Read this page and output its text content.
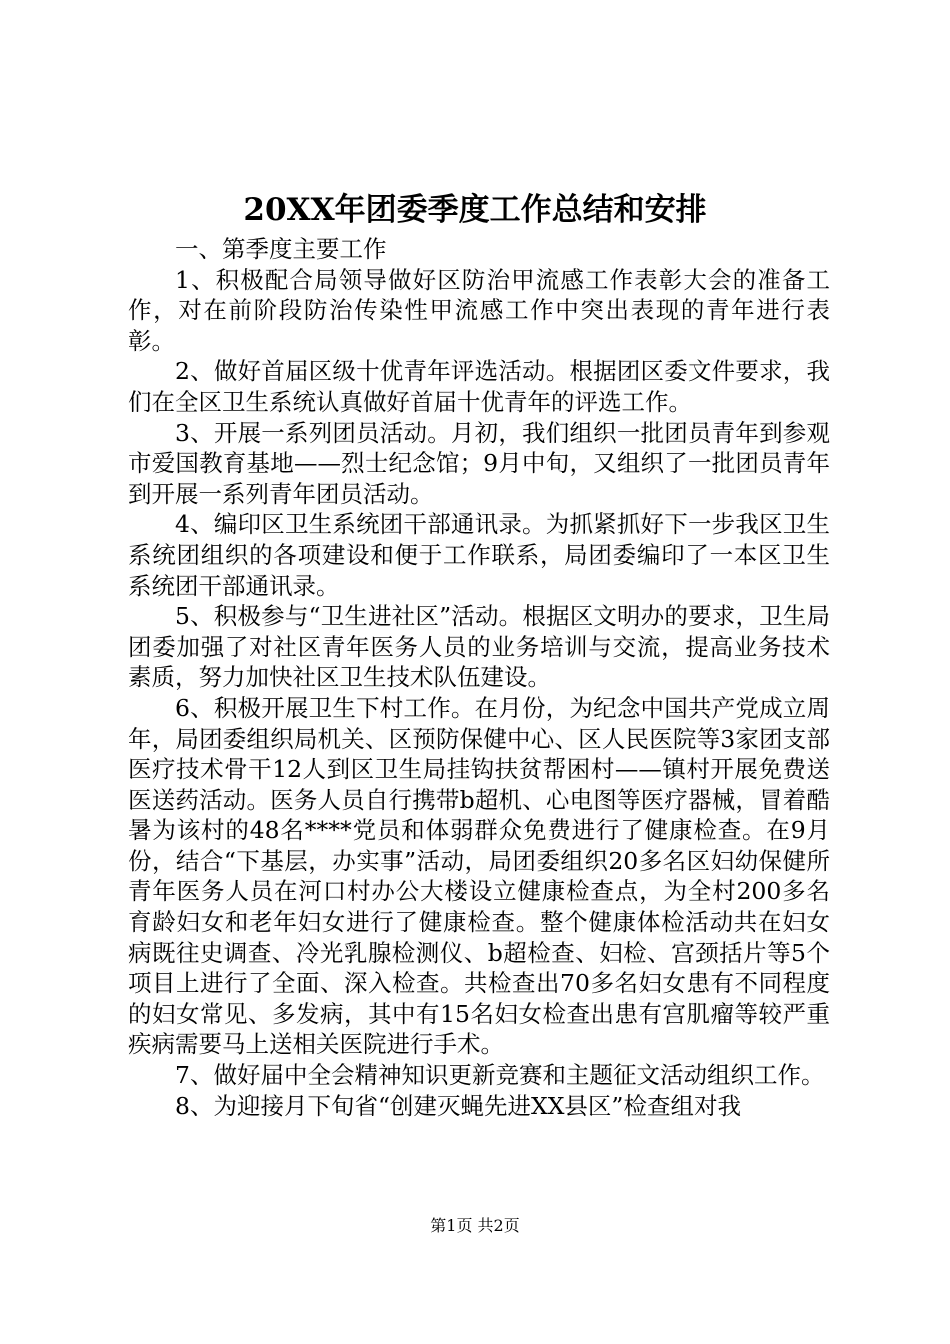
20XX年团委季度工作总结和安排

一、第季度主要工作

1、积极配合局领导做好区防治甲流感工作表彰大会的准备工作，对在前阶段防治传染性甲流感工作中突出表现的青年进行表彰。

2、做好首届区级十优青年评选活动。根据团区委文件要求，我们在全区卫生系统认真做好首届十优青年的评选工作。

3、开展一系列团员活动。月初，我们组织一批团员青年到参观市爱国教育基地——烈士纪念馆；9月中旬，又组织了一批团员青年到开展一系列青年团员活动。

4、编印区卫生系统团干部通讯录。为抓紧抓好下一步我区卫生系统团组织的各项建设和便于工作联系，局团委编印了一本区卫生系统团干部通讯录。

5、积极参与“卫生进社区”活动。根据区文明办的要求，卫生局团委加强了对社区青年医务人员的业务培训与交流，提高业务技术素质，努力加快社区卫生技术队伍建设。

6、积极开展卫生下村工作。在月份，为纪念中国共产党成立周年，局团委组织局机关、区预防保健中心、区人民医院等3家团支部医疗技术骨干12人到区卫生局挂钩扶贫帮困村——镇村开展免费送医送药活动。医务人员自行携带b超机、心电图等医疗器械，冒着酷暑为该村的48名****党员和体弱群众免费进行了健康检查。在9月份，结合“下基层，办实事”活动，局团委组织20多名区妇幼保健所青年医务人员在河口村办公大楼设立健康检查点，为全村200多名育龄妇女和老年妇女进行了健康检查。整个健康体检活动共在妇女病既往史调查、冷光乳腺检测仪、b超检查、妇检、宫颈括片等5个项目上进行了全面、深入检查。共检查出70多名妇女患有不同程度的妇女常见、多发病，其中有15名妇女检查出患有宫肌瘤等较严重疾病需要马上送相关医院进行手术。

7、做好届中全会精神知识更新竞赛和主题征文活动组织工作。

8、为迎接月下旬省“创建灭蝇先进XX县区”检查组对我

第1页 共2页
